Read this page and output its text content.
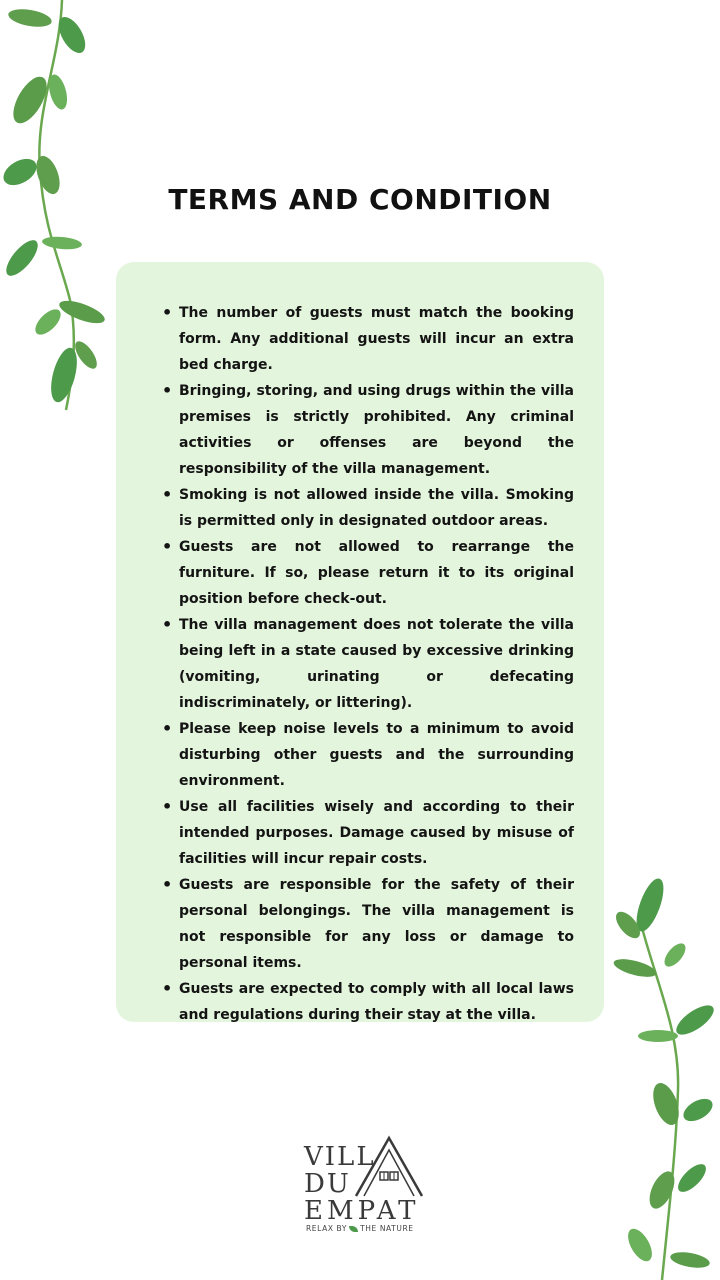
TERMS AND CONDITION
• The number of guests must match the booking form. Any additional guests will incur an extra bed charge.
• Bringing, storing, and using drugs within the villa premises is strictly prohibited. Any criminal activities or offenses are beyond the responsibility of the villa management.
• Smoking is not allowed inside the villa. Smoking is permitted only in designated outdoor areas.
• Guests are not allowed to rearrange the furniture. If so, please return it to its original position before check-out.
• The villa management does not tolerate the villa being left in a state caused by excessive drinking (vomiting, urinating or defecating indiscriminately, or littering).
• Please keep noise levels to a minimum to avoid disturbing other guests and the surrounding environment.
• Use all facilities wisely and according to their intended purposes. Damage caused by misuse of facilities will incur repair costs.
• Guests are responsible for the safety of their personal belongings. The villa management is not responsible for any loss or damage to personal items.
• Guests are expected to comply with all local laws and regulations during their stay at the villa.
VILL
DU
EMPAT
RELAX BY THE NATURE
